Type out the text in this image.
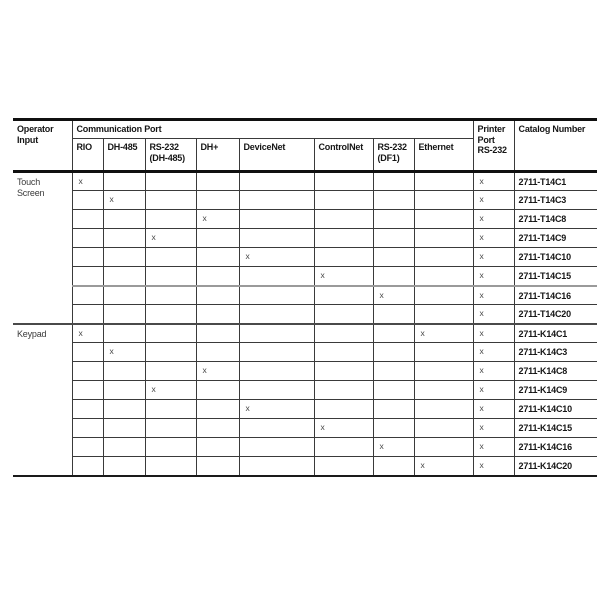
Operator Input	Communication Port								Printer Port RS-232	Catalog Number
	RIO	DH-485	RS-232 (DH-485)	DH+	DeviceNet	ControlNet	RS-232 (DF1)	Ethernet		
Touch Screen	x								x	2711-T14C1
		x							x	2711-T14C3
				x					x	2711-T14C8
			x						x	2711-T14C9
					x				x	2711-T14C10
						x			x	2711-T14C15
							x		x	2711-T14C16
									x	2711-T14C20
Keypad	x							x	x	2711-K14C1
		x							x	2711-K14C3
				x					x	2711-K14C8
			x						x	2711-K14C9
					x				x	2711-K14C10
						x			x	2711-K14C15
							x		x	2711-K14C16
								x	x	2711-K14C20
